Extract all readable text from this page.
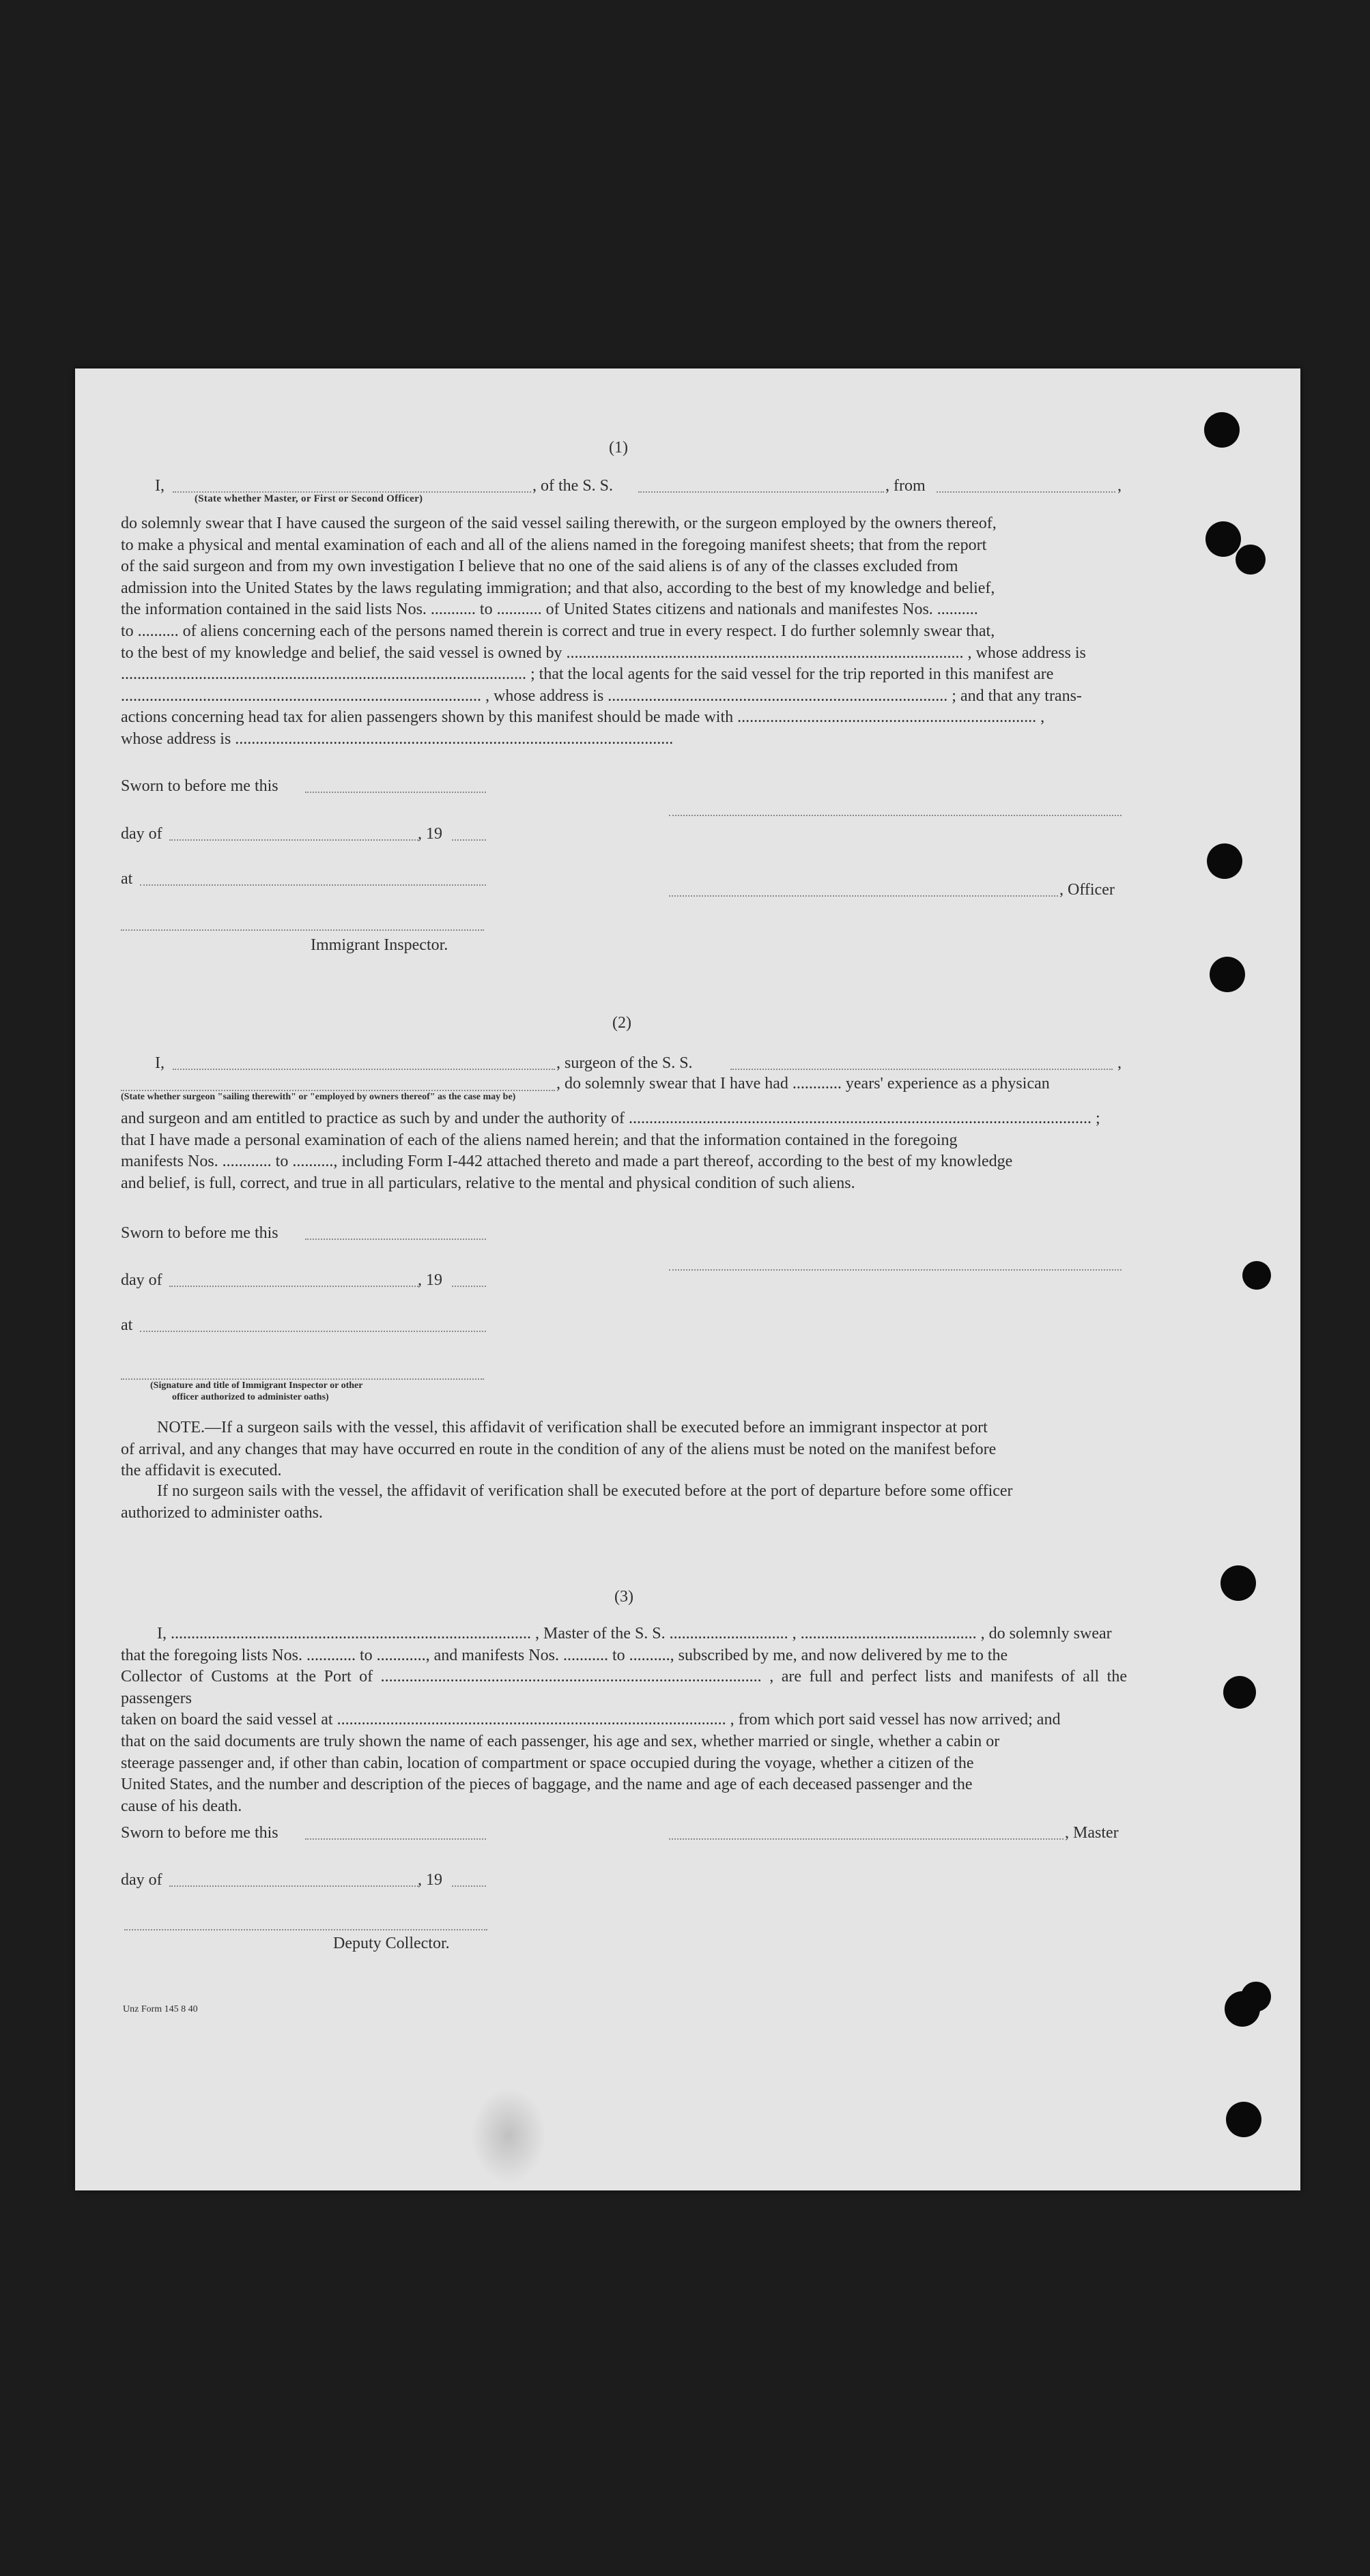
(1)
I,	, of the S. S.	, from	,
(State whether Master, or First or Second Officer)
do solemnly swear that I have caused the surgeon of the said vessel sailing therewith, or the surgeon employed by the owners thereof,
to make a physical and mental examination of each and all of the aliens named in the foregoing manifest sheets; that from the report
of the said surgeon and from my own investigation I believe that no one of the said aliens is of any of the classes excluded from
admission into the United States by the laws regulating immigration; and that also, according to the best of my knowledge and belief,
the information contained in the said lists Nos. ........... to ........... of United States citizens and nationals and manifestes Nos. ..........
to .......... of aliens concerning each of the persons named therein is correct and true in every respect. I do further solemnly swear that,
to the best of my knowledge and belief, the said vessel is owned by ................................................................................................. , whose address is
................................................................................................... ; that the local agents for the said vessel for the trip reported in this manifest are
........................................................................................ , whose address is ................................................................................... ; and that any trans-
actions concerning head tax for alien passengers shown by this manifest should be made with ......................................................................... ,
whose address is ...........................................................................................................
Sworn to before me this
day of	, 19
at
, Officer
Immigrant Inspector.
(2)
I,	, surgeon of the S. S.	,
, do solemnly swear that I have had ............ years' experience as a physican
(State whether surgeon "sailing therewith" or "employed by owners thereof" as the case may be)
and surgeon and am entitled to practice as such by and under the authority of ................................................................................................................. ;
that I have made a personal examination of each of the aliens named herein; and that the information contained in the foregoing
manifests Nos. ............ to .........., including Form I-442 attached thereto and made a part thereof, according to the best of my knowledge
and belief, is full, correct, and true in all particulars, relative to the mental and physical condition of such aliens.
Sworn to before me this
day of	, 19
at
(Signature and title of Immigrant Inspector or other
officer authorized to administer oaths)
NOTE.—If a surgeon sails with the vessel, this affidavit of verification shall be executed before an immigrant inspector at port
of arrival, and any changes that may have occurred en route in the condition of any of the aliens must be noted on the manifest before
the affidavit is executed.
If no surgeon sails with the vessel, the affidavit of verification shall be executed before at the port of departure before some officer
authorized to administer oaths.
(3)
I, ........................................................................................ , Master of the S. S. ............................. , ........................................... , do solemnly swear
that the foregoing lists Nos. ............ to ............, and manifests Nos. ........... to .........., subscribed by me, and now delivered by me to the
Collector of Customs at the Port of ............................................................................................. , are full and perfect lists and manifests of all the passengers
taken on board the said vessel at ............................................................................................... , from which port said vessel has now arrived; and
that on the said documents are truly shown the name of each passenger, his age and sex, whether married or single, whether a cabin or
steerage passenger and, if other than cabin, location of compartment or space occupied during the voyage, whether a citizen of the
United States, and the number and description of the pieces of baggage, and the name and age of each deceased passenger and the
cause of his death.
Sworn to before me this	, Master
day of	, 19
Deputy Collector.
Unz Form 145 8 40
